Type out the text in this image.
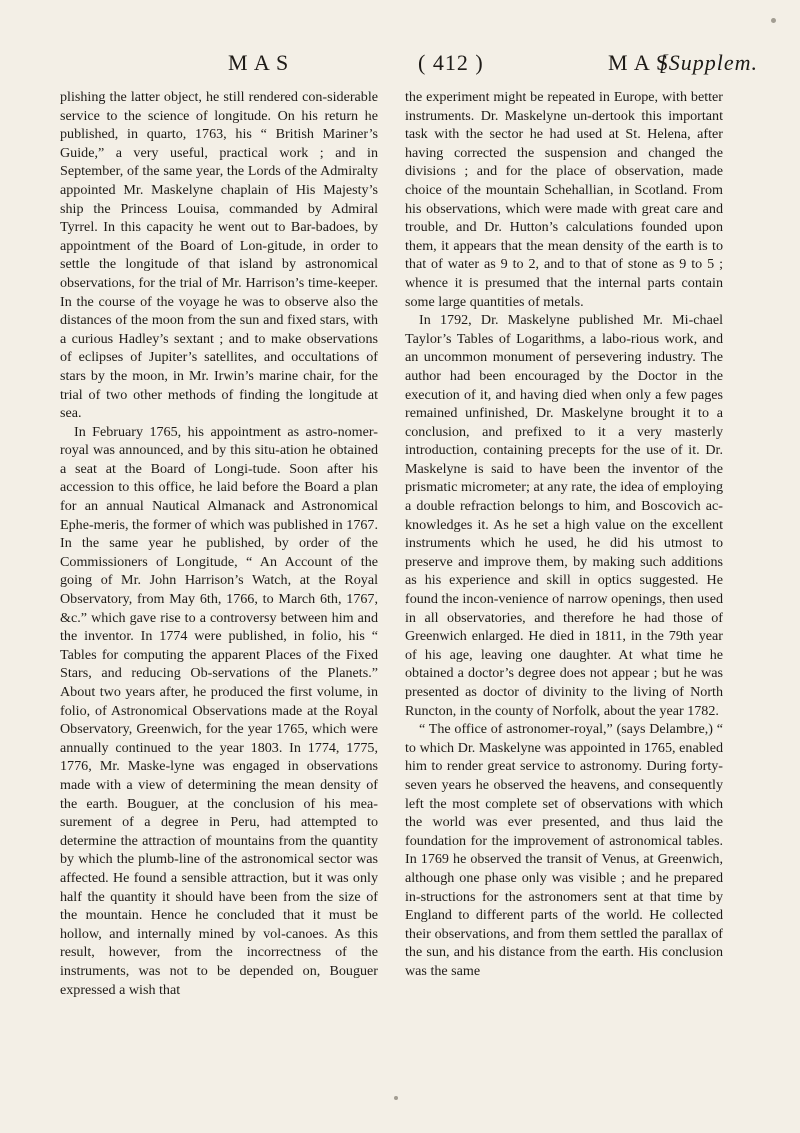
M A S	( 412 )	M A S
[Supplem.

plishing the latter object, he still rendered con-siderable service to the science of longitude. On his return he published, in quarto, 1763, his “ British Mariner’s Guide,” a very useful, practical work ; and in September, of the same year, the Lords of the Admiralty appointed Mr. Maskelyne chaplain of His Majesty’s ship the Princess Louisa, commanded by Admiral Tyrrel. In this capacity he went out to Bar-badoes, by appointment of the Board of Lon-gitude, in order to settle the longitude of that island by astronomical observations, for the trial of Mr. Harrison’s time-keeper. In the course of the voyage he was to observe also the distances of the moon from the sun and fixed stars, with a curious Hadley’s sextant ; and to make observations of eclipses of Jupiter’s satellites, and occultations of stars by the moon, in Mr. Irwin’s marine chair, for the trial of two other methods of finding the longitude at sea.

In February 1765, his appointment as astro-nomer-royal was announced, and by this situ-ation he obtained a seat at the Board of Longi-tude. Soon after his accession to this office, he laid before the Board a plan for an annual Nautical Almanack and Astronomical Ephe-meris, the former of which was published in 1767. In the same year he published, by order of the Commissioners of Longitude, “ An Account of the going of Mr. John Harrison’s Watch, at the Royal Observatory, from May 6th, 1766, to March 6th, 1767, &c.” which gave rise to a controversy between him and the inventor. In 1774 were published, in folio, his “ Tables for computing the apparent Places of the Fixed Stars, and reducing Ob-servations of the Planets.” About two years after, he produced the first volume, in folio, of Astronomical Observations made at the Royal Observatory, Greenwich, for the year 1765, which were annually continued to the year 1803. In 1774, 1775, 1776, Mr. Maske-lyne was engaged in observations made with a view of determining the mean density of the earth. Bouguer, at the conclusion of his mea-surement of a degree in Peru, had attempted to determine the attraction of mountains from the quantity by which the plumb-line of the astronomical sector was affected. He found a sensible attraction, but it was only half the quantity it should have been from the size of the mountain. Hence he concluded that it must be hollow, and internally mined by vol-canoes. As this result, however, from the incorrectness of the instruments, was not to be depended on, Bouguer expressed a wish that

the experiment might be repeated in Europe, with better instruments. Dr. Maskelyne un-dertook this important task with the sector he had used at St. Helena, after having corrected the suspension and changed the divisions ; and for the place of observation, made choice of the mountain Schehallian, in Scotland. From his observations, which were made with great care and trouble, and Dr. Hutton’s calculations founded upon them, it appears that the mean density of the earth is to that of water as 9 to 2, and to that of stone as 9 to 5 ; whence it is presumed that the internal parts contain some large quantities of metals.

In 1792, Dr. Maskelyne published Mr. Mi-chael Taylor’s Tables of Logarithms, a labo-rious work, and an uncommon monument of persevering industry. The author had been encouraged by the Doctor in the execution of it, and having died when only a few pages remained unfinished, Dr. Maskelyne brought it to a conclusion, and prefixed to it a very masterly introduction, containing precepts for the use of it. Dr. Maskelyne is said to have been the inventor of the prismatic micrometer; at any rate, the idea of employing a double refraction belongs to him, and Boscovich ac-knowledges it. As he set a high value on the excellent instruments which he used, he did his utmost to preserve and improve them, by making such additions as his experience and skill in optics suggested. He found the incon-venience of narrow openings, then used in all observatories, and therefore he had those of Greenwich enlarged. He died in 1811, in the 79th year of his age, leaving one daughter. At what time he obtained a doctor’s degree does not appear ; but he was presented as doctor of divinity to the living of North Runcton, in the county of Norfolk, about the year 1782.

“ The office of astronomer-royal,” (says Delambre,) “ to which Dr. Maskelyne was appointed in 1765, enabled him to render great service to astronomy. During forty-seven years he observed the heavens, and consequently left the most complete set of observations with which the world was ever presented, and thus laid the foundation for the improvement of astronomical tables. In 1769 he observed the transit of Venus, at Greenwich, although one phase only was visible ; and he prepared in-structions for the astronomers sent at that time by England to different parts of the world. He collected their observations, and from them settled the parallax of the sun, and his distance from the earth. His conclusion was the same
